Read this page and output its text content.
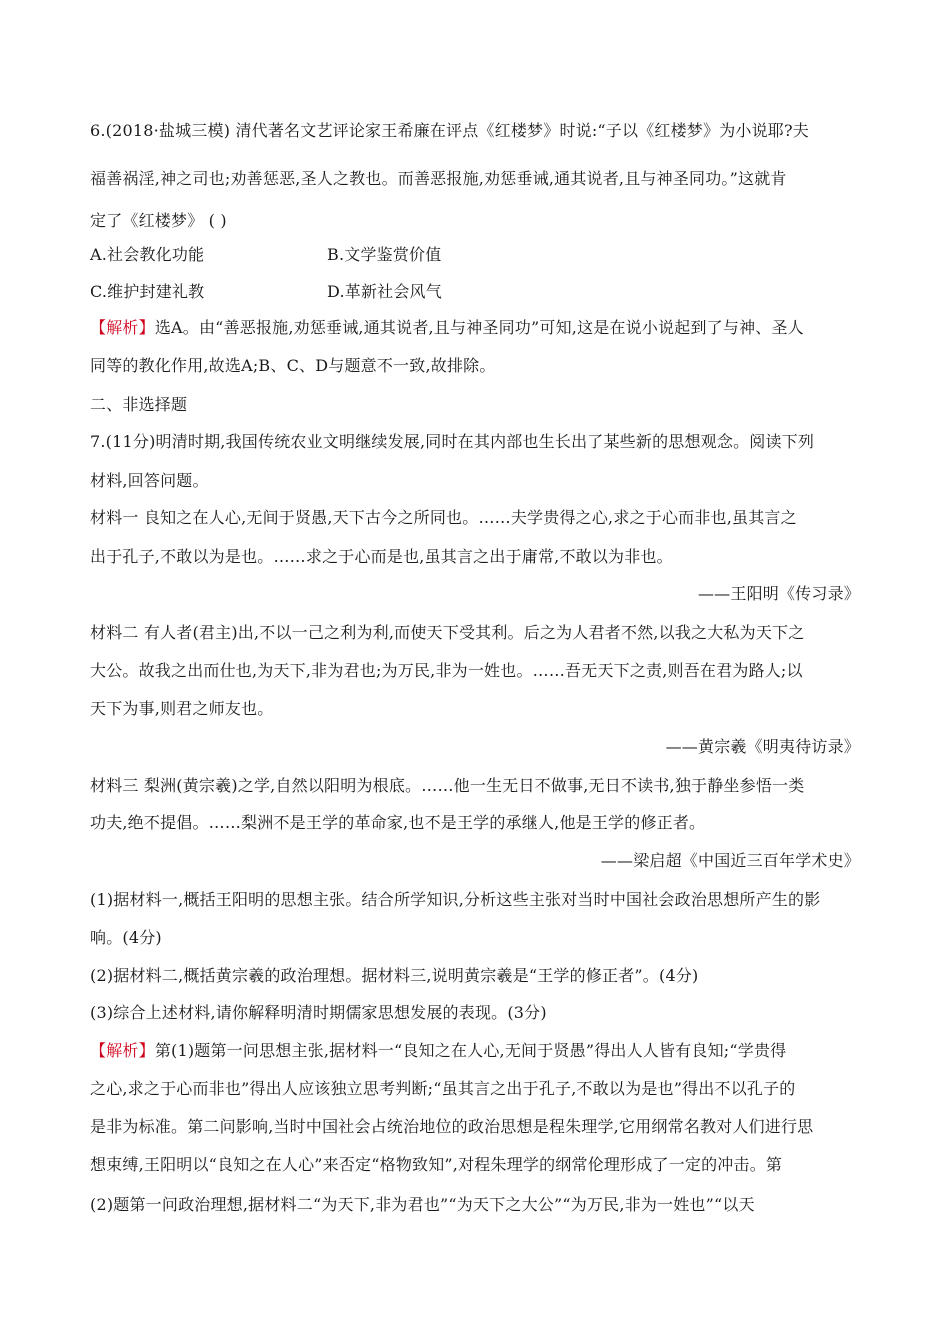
6.(2018·盐城三模) 清代著名文艺评论家王希廉在评点《红楼梦》时说:“子以《红楼梦》为小说耶?夫
福善祸淫,神之司也;劝善惩恶,圣人之教也。而善恶报施,劝惩垂诫,通其说者,且与神圣同功。”这就肯
定了《红楼梦》 ( )
A.社会教化功能	B.文学鉴赏价值
C.维护封建礼教	D.革新社会风气
【解析】选A。由“善恶报施,劝惩垂诫,通其说者,且与神圣同功”可知,这是在说小说起到了与神、圣人
同等的教化作用,故选A;B、C、D与题意不一致,故排除。
二、非选择题
7.(11分)明清时期,我国传统农业文明继续发展,同时在其内部也生长出了某些新的思想观念。阅读下列
材料,回答问题。
材料一 良知之在人心,无间于贤愚,天下古今之所同也。……夫学贵得之心,求之于心而非也,虽其言之
出于孔子,不敢以为是也。……求之于心而是也,虽其言之出于庸常,不敢以为非也。
——王阳明《传习录》
材料二 有人者(君主)出,不以一己之利为利,而使天下受其利。后之为人君者不然,以我之大私为天下之
大公。故我之出而仕也,为天下,非为君也;为万民,非为一姓也。……吾无天下之责,则吾在君为路人;以
天下为事,则君之师友也。
——黄宗羲《明夷待访录》
材料三 梨洲(黄宗羲)之学,自然以阳明为根底。……他一生无日不做事,无日不读书,独于静坐参悟一类
功夫,绝不提倡。……梨洲不是王学的革命家,也不是王学的承继人,他是王学的修正者。
——梁启超《中国近三百年学术史》
(1)据材料一,概括王阳明的思想主张。结合所学知识,分析这些主张对当时中国社会政治思想所产生的影
响。(4分)
(2)据材料二,概括黄宗羲的政治理想。据材料三,说明黄宗羲是“王学的修正者”。(4分)
(3)综合上述材料,请你解释明清时期儒家思想发展的表现。(3分)
【解析】第(1)题第一问思想主张,据材料一“良知之在人心,无间于贤愚”得出人人皆有良知;“学贵得
之心,求之于心而非也”得出人应该独立思考判断;“虽其言之出于孔子,不敢以为是也”得出不以孔子的
是非为标准。第二问影响,当时中国社会占统治地位的政治思想是程朱理学,它用纲常名教对人们进行思
想束缚,王阳明以“良知之在人心”来否定“格物致知”,对程朱理学的纲常伦理形成了一定的冲击。第
(2)题第一问政治理想,据材料二“为天下,非为君也”“为天下之大公”“为万民,非为一姓也”“以天
